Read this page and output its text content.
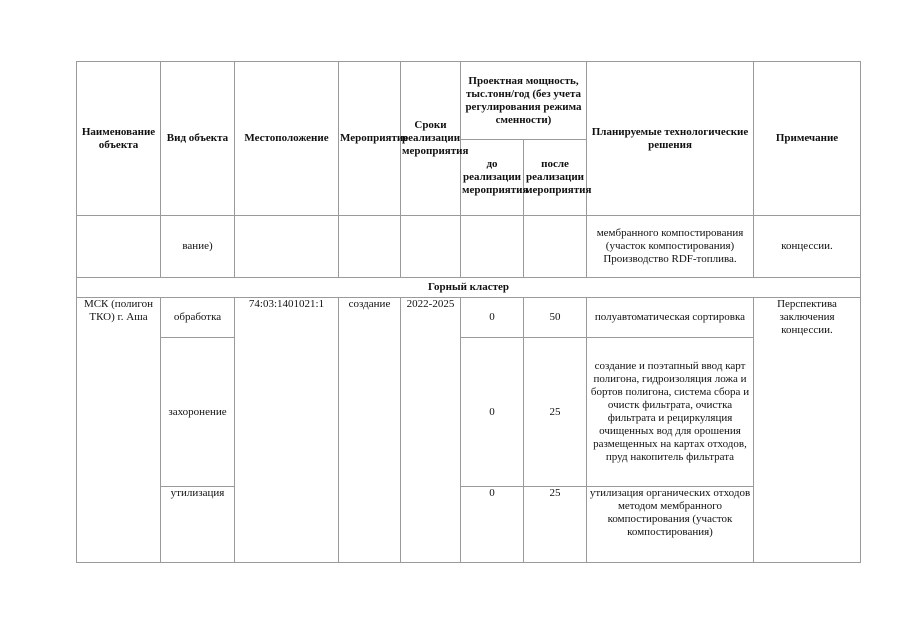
Наименование объекта	Вид объекта	Местоположение	Мероприятие	Сроки реализации мероприятия	Проектная мощность, тыс.тонн/год (без учета регулирования режима сменности)		Планируемые технологические решения	Примечание
					до реализации мероприятия	после реализации мероприятия		
	вание)						мембранного компостирования (участок компостирования) Производство RDF-топлива.	концессии.
Горный кластер								
МСК (полигон ТКО) г. Аша	обработка	74:03:1401021:1	создание	2022-2025	0	50	полуавтоматическая сортировка	Перспектива заключения концессии.
	захоронение				0	25	создание и поэтапный ввод карт полигона, гидроизоляция ложа и бортов полигона, система сбора и очистк фильтрата, очистка фильтрата и рециркуляция очищенных вод для орошения размещенных на картах отходов, пруд накопитель фильтрата	
	утилизация				0	25	утилизация органических отходов методом мембранного компостирования (участок компостирования)	
